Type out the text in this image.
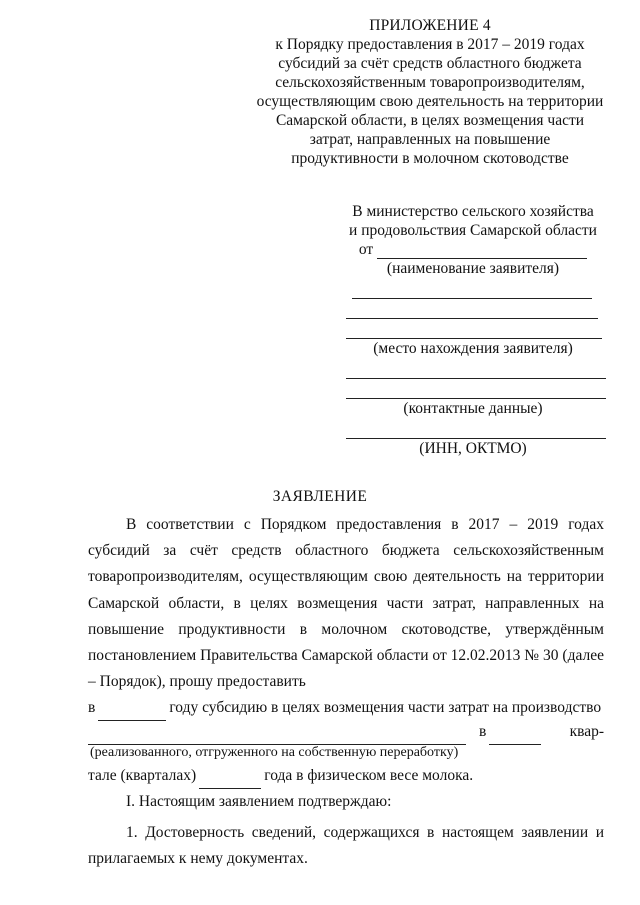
ПРИЛОЖЕНИЕ 4
к Порядку предоставления в 2017 – 2019 годах
субсидий за счёт средств областного бюджета
сельскохозяйственным товаропроизводителям,
осуществляющим свою деятельность на территории
Самарской области, в целях возмещения части
затрат, направленных на повышение
продуктивности в молочном скотоводстве
В министерство сельского хозяйства
и продовольствия Самарской области
от
(наименование заявителя)
(место нахождения заявителя)
(контактные данные)
(ИНН, ОКТМО)
ЗАЯВЛЕНИЕ

В соответствии с Порядком предоставления в 2017 – 2019 годах субсидий за счёт средств областного бюджета сельскохозяйственным товаропроизводителям, осуществляющим свою деятельность на территории Самарской области, в целях возмещения части затрат, направленных на повышение продуктивности в молочном скотоводстве, утверждённым постановлением Правительства Самарской области от 12.02.2013 № 30 (далее – Порядок), прошу предоставить

в	году субсидию в целях возмещения части затрат на производство
в	квар-
(реализованного, отгруженного на собственную переработку)
тале (кварталах)	года в физическом весе молока.

I. Настоящим заявлением подтверждаю:

1. Достоверность сведений, содержащихся в настоящем заявлении и прилагаемых к нему документах.
